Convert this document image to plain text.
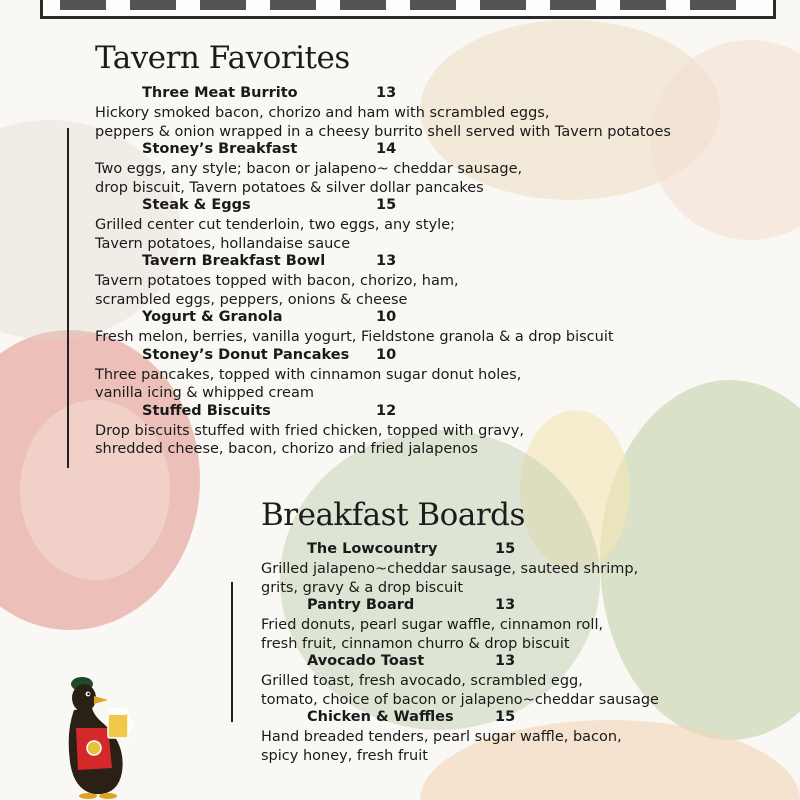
Tavern Favorites
Three Meat Burrito	13
Hickory smoked bacon, chorizo and ham with scrambled eggs,
peppers & onion wrapped in a cheesy burrito shell served with Tavern potatoes
Stoney’s Breakfast	14
Two eggs, any style; bacon or jalapeno~ cheddar sausage,
drop biscuit, Tavern potatoes & silver dollar pancakes
Steak & Eggs	15
Grilled center cut tenderloin, two eggs, any style;
Tavern potatoes, hollandaise sauce
Tavern Breakfast Bowl	13
Tavern potatoes topped with bacon, chorizo, ham,
scrambled eggs, peppers, onions & cheese
Yogurt & Granola	10
Fresh melon, berries, vanilla yogurt, Fieldstone granola & a drop biscuit
Stoney’s Donut Pancakes 10
Three pancakes, topped with cinnamon sugar donut holes,
vanilla icing & whipped cream
Stuffed Biscuits	12
Drop biscuits stuffed with fried chicken, topped with gravy,
shredded cheese, bacon, chorizo and fried jalapenos
Breakfast Boards
The Lowcountry	15
Grilled jalapeno~cheddar sausage, sauteed shrimp,
grits, gravy & a drop biscuit
Pantry Board	13
Fried donuts, pearl sugar waffle, cinnamon roll,
fresh fruit, cinnamon churro & drop biscuit
Avocado Toast	13
Grilled toast, fresh avocado, scrambled egg,
tomato, choice of bacon or jalapeno~cheddar sausage
Chicken & Waffles	15
Hand breaded tenders, pearl sugar waffle, bacon,
spicy honey, fresh fruit
